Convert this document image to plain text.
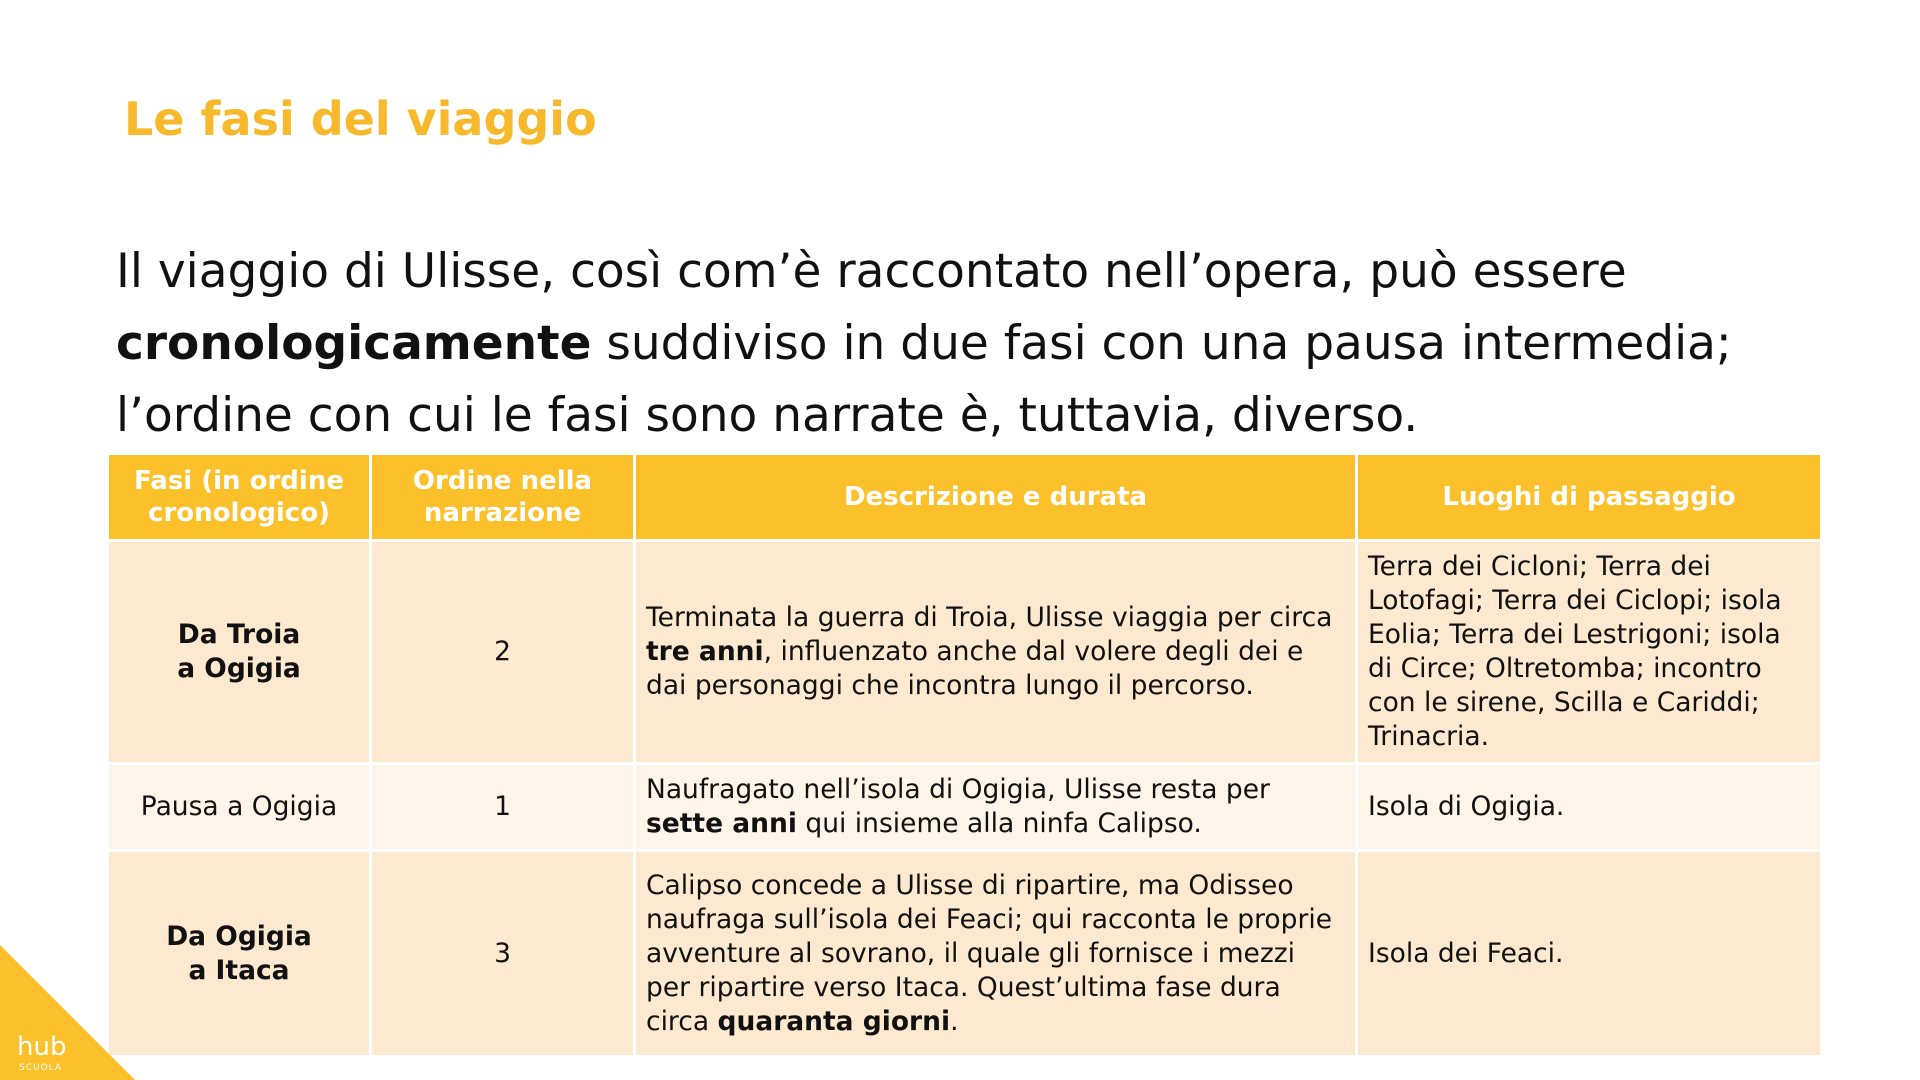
Le fasi del viaggio
Il viaggio di Ulisse, così com’è raccontato nell’opera, può essere cronologicamente suddiviso in due fasi con una pausa intermedia; l’ordine con cui le fasi sono narrate è, tuttavia, diverso.
Fasi (in ordine cronologico)	Ordine nella narrazione	Descrizione e durata	Luoghi di passaggio
Da Troia
a Ogigia	2	Terminata la guerra di Troia, Ulisse viaggia per circa tre anni, influenzato anche dal volere degli dei e dai personaggi che incontra lungo il percorso.	Terra dei Cicloni; Terra dei Lotofagi; Terra dei Ciclopi; isola Eolia; Terra dei Lestrigoni; isola di Circe; Oltretomba; incontro con le sirene, Scilla e Cariddi; Trinacria.
Pausa a Ogigia	1	Naufragato nell’isola di Ogigia, Ulisse resta per sette anni qui insieme alla ninfa Calipso.	Isola di Ogigia.
Da Ogigia
a Itaca	3	Calipso concede a Ulisse di ripartire, ma Odisseo naufraga sull’isola dei Feaci; qui racconta le proprie avventure al sovrano, il quale gli fornisce i mezzi per ripartire verso Itaca. Quest’ultima fase dura circa quaranta giorni.	Isola dei Feaci.
hub
SCUOLA
